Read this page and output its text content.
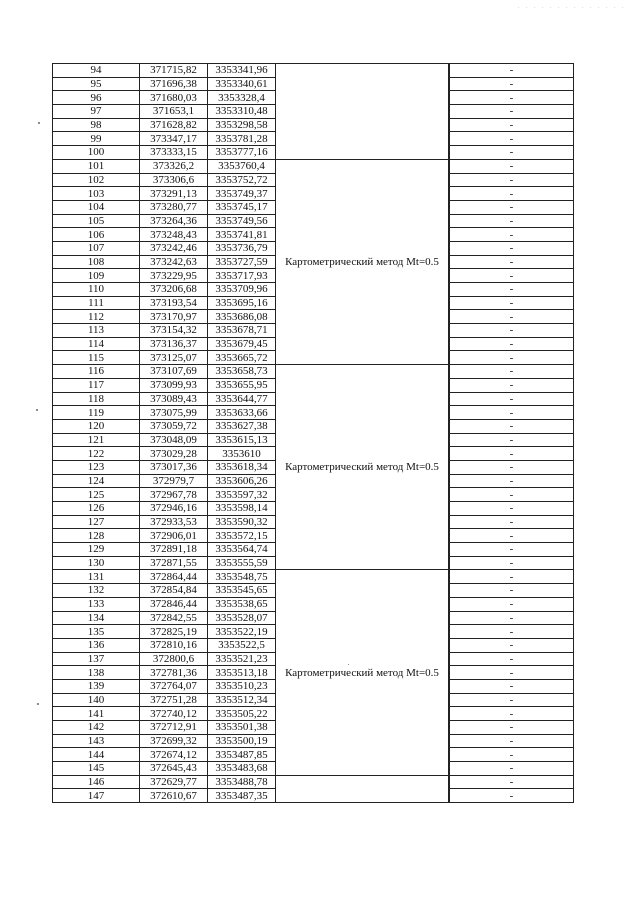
. . . . . . . . . . . . . .
94	371715,82	3353341,96			-
95	371696,38	3353340,61		-
96	371680,03	3353328,4		-
97	371653,1	3353310,48		-
98	371628,82	3353298,58		-
99	373347,17	3353781,28		-
100	373333,15	3353777,16		-
101	373326,2	3353760,4	Картометрический метод Mt=0.5		-
102	373306,6	3353752,72		-
103	373291,13	3353749,37		-
104	373280,77	3353745,17		-
105	373264,36	3353749,56		-
106	373248,43	3353741,81		-
107	373242,46	3353736,79		-
108	373242,63	3353727,59		-
109	373229,95	3353717,93		-
110	373206,68	3353709,96		-
111	373193,54	3353695,16		-
112	373170,97	3353686,08		-
113	373154,32	3353678,71		-
114	373136,37	3353679,45		-
115	373125,07	3353665,72		-
116	373107,69	3353658,73	Картометрический метод Mt=0.5		-
117	373099,93	3353655,95		-
118	373089,43	3353644,77		-
119	373075,99	3353633,66		-
120	373059,72	3353627,38		-
121	373048,09	3353615,13		-
122	373029,28	3353610		-
123	373017,36	3353618,34		-
124	372979,7	3353606,26		-
125	372967,78	3353597,32		-
126	372946,16	3353598,14		-
127	372933,53	3353590,32		-
128	372906,01	3353572,15		-
129	372891,18	3353564,74		-
130	372871,55	3353555,59		-
131	372864,44	3353548,75	Картометрический метод Mt=0.5		-
132	372854,84	3353545,65		-
133	372846,44	3353538,65		-
134	372842,55	3353528,07		-
135	372825,19	3353522,19		-
136	372810,16	3353522,5		-
137	372800,6	3353521,23		-
138	372781,36	3353513,18		-
139	372764,07	3353510,23		-
140	372751,28	3353512,34		-
141	372740,12	3353505,22		-
142	372712,91	3353501,38		-
143	372699,32	3353500,19		-
144	372674,12	3353487,85		-
145	372645,43	3353483,68		-
146	372629,77	3353488,78			-
147	372610,67	3353487,35		-
